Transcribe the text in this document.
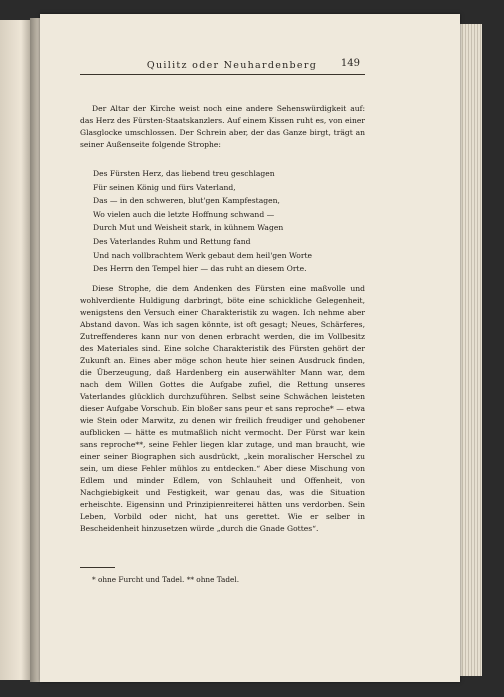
Quilitz oder Neuhardenberg	149

Der Altar der Kirche weist noch eine andere Sehenswürdigkeit auf: das Herz des Fürsten-Staatskanzlers. Auf einem Kissen ruht es, von einer Glasglocke umschlossen. Der Schrein aber, der das Ganze birgt, trägt an seiner Außenseite folgende Strophe:

Des Fürsten Herz, das liebend treu geschlagen
Für seinen König und fürs Vaterland,
Das — in den schweren, blut'gen Kampfestagen,
Wo vielen auch die letzte Hoffnung schwand —
Durch Mut und Weisheit stark, in kühnem Wagen
Des Vaterlandes Ruhm und Rettung fand
Und nach vollbrachtem Werk gebaut dem heil'gen Worte
Des Herrn den Tempel hier — das ruht an diesem Orte.

Diese Strophe, die dem Andenken des Fürsten eine maßvolle und wohlverdiente Huldigung darbringt, böte eine schickliche Gelegenheit, wenigstens den Versuch einer Charakteristik zu wagen. Ich nehme aber Abstand davon. Was ich sagen könnte, ist oft gesagt; Neues, Schärferes, Zutreffenderes kann nur von denen erbracht werden, die im Vollbesitz des Materiales sind. Eine solche Charakteristik des Fürsten gehört der Zukunft an. Eines aber möge schon heute hier seinen Ausdruck finden, die Überzeugung, daß Hardenberg ein auserwählter Mann war, dem nach dem Willen Gottes die Aufgabe zufiel, die Rettung unseres Vaterlandes glücklich durchzuführen. Selbst seine Schwächen leisteten dieser Aufgabe Vorschub. Ein bloßer sans peur et sans reproche* — etwa wie Stein oder Marwitz, zu denen wir freilich freudiger und gehobener aufblicken — hätte es mutmaßlich nicht vermocht. Der Fürst war kein sans reproche**, seine Fehler liegen klar zutage, und man braucht, wie einer seiner Biographen sich ausdrückt, „kein moralischer Herschel zu sein, um diese Fehler mühlos zu entdecken.“ Aber diese Mischung von Edlem und minder Edlem, von Schlauheit und Offenheit, von Nachgiebigkeit und Festigkeit, war genau das, was die Situation erheischte. Eigensinn und Prinzipienreiterei hätten uns verdorben. Sein Leben, Vorbild oder nicht, hat uns gerettet. Wie er selber in Bescheidenheit hinzusetzen würde „durch die Gnade Gottes“.

* ohne Furcht und Tadel. ** ohne Tadel.
